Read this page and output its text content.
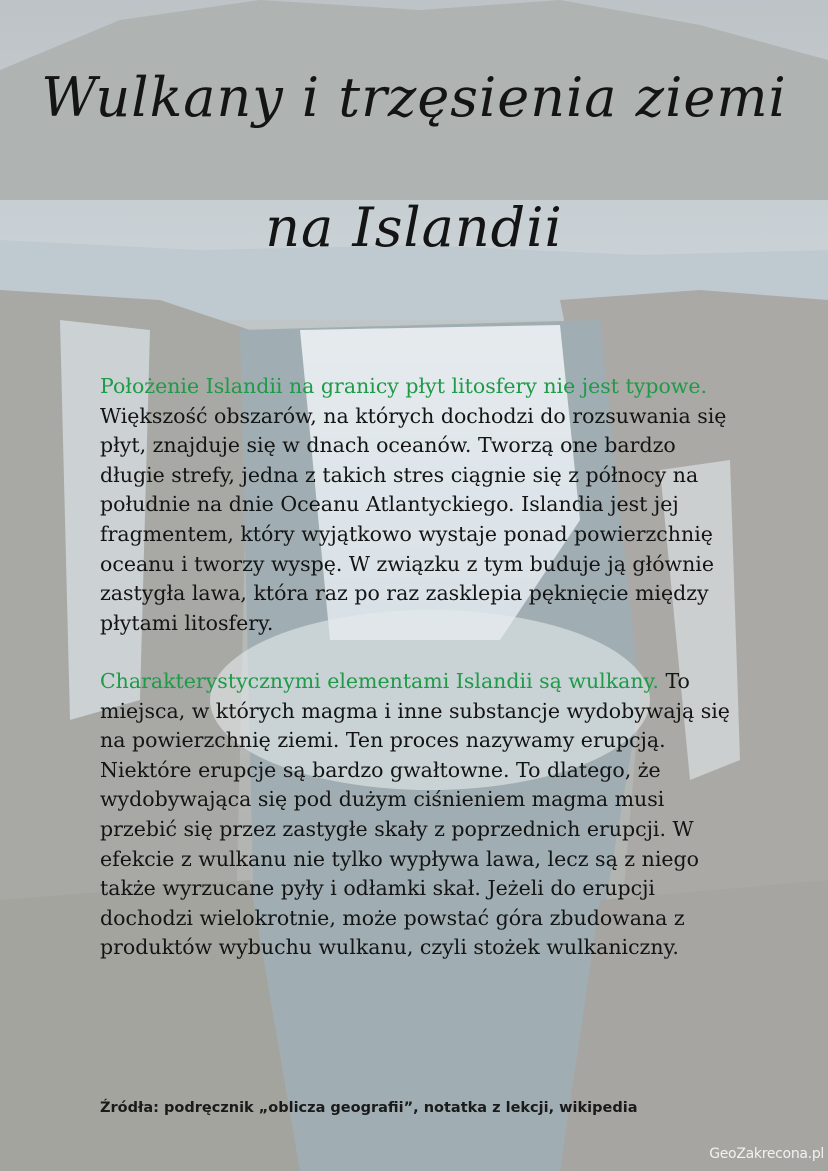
Wulkany i trzęsienia ziemi
na Islandii

Położenie Islandii na granicy płyt litosfery nie jest typowe. Większość obszarów, na których dochodzi do rozsuwania się płyt, znajduje się w dnach oceanów. Tworzą one bardzo długie strefy, jedna z takich stres ciągnie się z północy na południe na dnie Oceanu Atlantyckiego. Islandia jest jej fragmentem, który wyjątkowo wystaje ponad powierzchnię oceanu i tworzy wyspę. W związku z tym buduje ją głównie zastygła lawa, która raz po raz zasklepia pęknięcie między płytami litosfery.

Charakterystycznymi elementami Islandii są wulkany. To miejsca, w których magma i inne substancje wydobywają się na powierzchnię ziemi. Ten proces nazywamy erupcją. Niektóre erupcje są bardzo gwałtowne. To dlatego, że wydobywająca się pod dużym ciśnieniem magma musi przebić się przez zastygłe skały z poprzednich erupcji. W efekcie z wulkanu nie tylko wypływa lawa, lecz są z niego także wyrzucane pyły i odłamki skał. Jeżeli do erupcji dochodzi wielokrotnie, może powstać góra zbudowana z produktów wybuchu wulkanu, czyli stożek wulkaniczny.

Źródła: podręcznik „oblicza geografii”, notatka z lekcji, wikipedia
GeoZakrecona.pl
